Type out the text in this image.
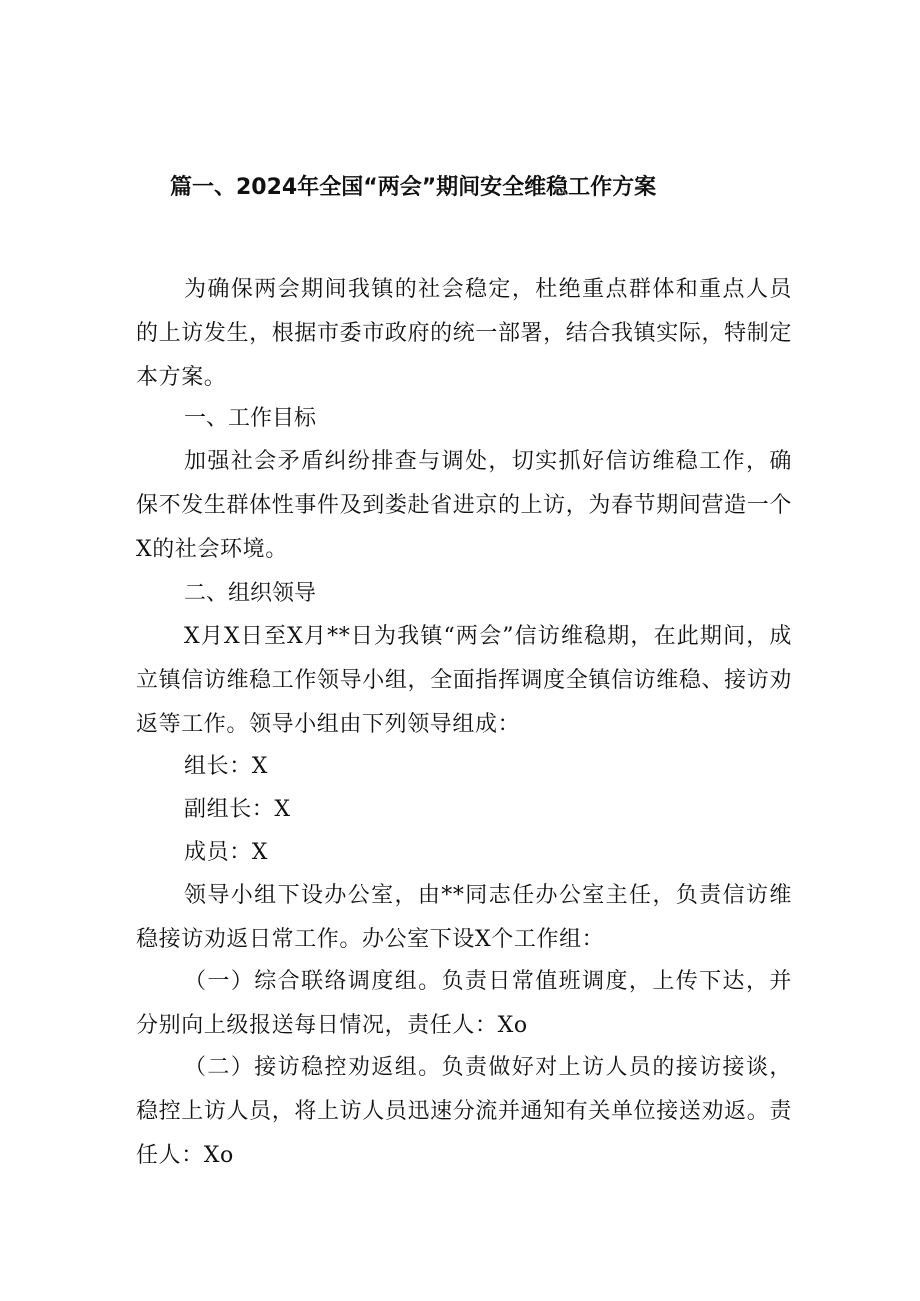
篇一、2024年全国“两会”期间安全维稳工作方案

为确保两会期间我镇的社会稳定，杜绝重点群体和重点人员的上访发生，根据市委市政府的统一部署，结合我镇实际，特制定本方案。

一、工作目标

加强社会矛盾纠纷排查与调处，切实抓好信访维稳工作，确保不发生群体性事件及到娄赴省进京的上访，为春节期间营造一个X的社会环境。

二、组织领导

X月X日至X月**日为我镇“两会”信访维稳期，在此期间，成立镇信访维稳工作领导小组，全面指挥调度全镇信访维稳、接访劝返等工作。领导小组由下列领导组成：

组长：X

副组长：X

成员：X

领导小组下设办公室，由**同志任办公室主任，负责信访维稳接访劝返日常工作。办公室下设X个工作组：

（一）综合联络调度组。负责日常值班调度，上传下达，并分别向上级报送每日情况，责任人：Xo

（二）接访稳控劝返组。负责做好对上访人员的接访接谈，稳控上访人员，将上访人员迅速分流并通知有关单位接送劝返。责任人：Xo
